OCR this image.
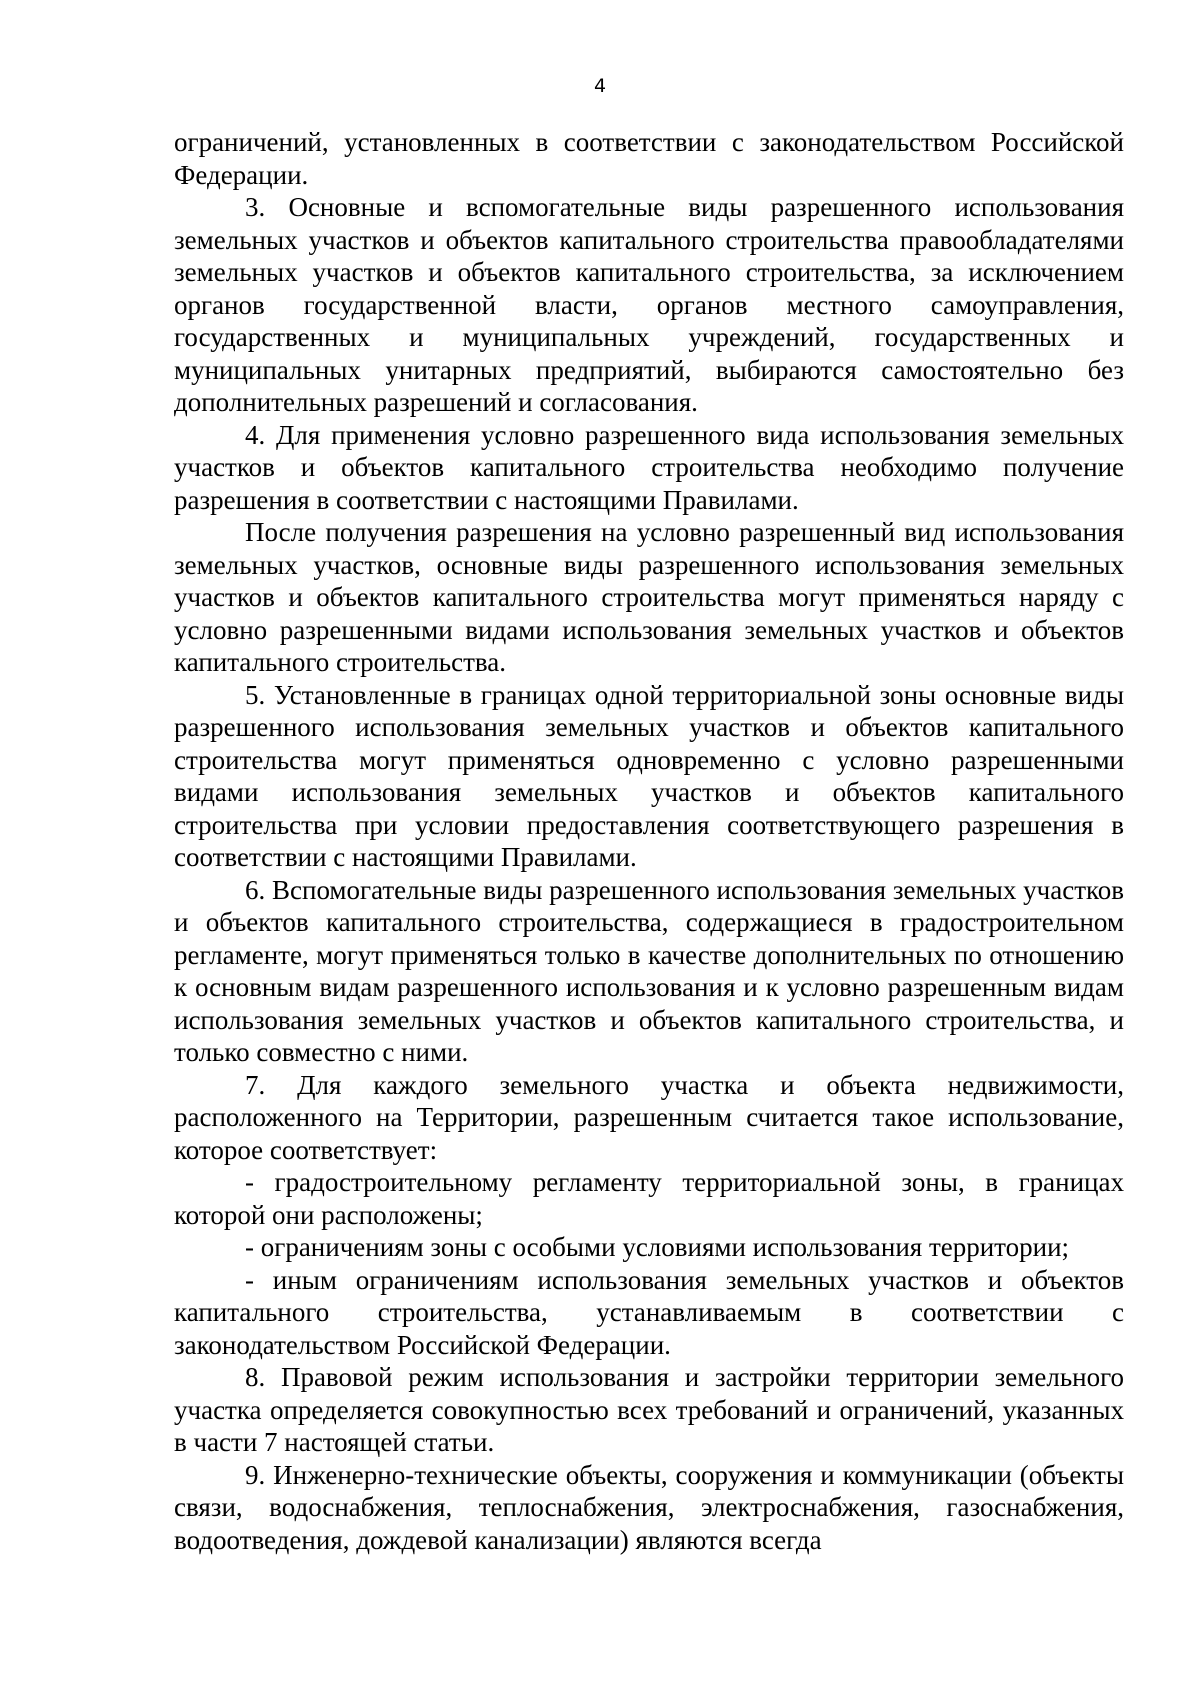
4

ограничений, установленных в соответствии с законодательством Российской Федерации.

3. Основные и вспомогательные виды разрешенного использования земельных участков и объектов капитального строительства правообладателями земельных участков и объектов капитального строительства, за исключением органов государственной власти, органов местного самоуправления, государственных и муниципальных учреждений, государственных и муниципальных унитарных предприятий, выбираются самостоятельно без дополнительных разрешений и согласования.

4. Для применения условно разрешенного вида использования земельных участков и объектов капитального строительства необходимо получение разрешения в соответствии с настоящими Правилами.

После получения разрешения на условно разрешенный вид использования земельных участков, основные виды разрешенного использования земельных участков и объектов капитального строительства могут применяться наряду с условно разрешенными видами использования земельных участков и объектов капитального строительства.

5. Установленные в границах одной территориальной зоны основные виды разрешенного использования земельных участков и объектов капитального строительства могут применяться одновременно с условно разрешенными видами использования земельных участков и объектов капитального строительства при условии предоставления соответствующего разрешения в соответствии с настоящими Правилами.

6. Вспомогательные виды разрешенного использования земельных участков и объектов капитального строительства, содержащиеся в градостроительном регламенте, могут применяться только в качестве дополнительных по отношению к основным видам разрешенного использования и к условно разрешенным видам использования земельных участков и объектов капитального строительства, и только совместно с ними.

7. Для каждого земельного участка и объекта недвижимости, расположенного на Территории, разрешенным считается такое использование, которое соответствует:

- градостроительному регламенту территориальной зоны, в границах которой они расположены;

- ограничениям зоны с особыми условиями использования территории;

- иным ограничениям использования земельных участков и объектов капитального строительства, устанавливаемым в соответствии с законодательством Российской Федерации.

8. Правовой режим использования и застройки территории земельного участка определяется совокупностью всех требований и ограничений, указанных в части 7 настоящей статьи.

9. Инженерно-технические объекты, сооружения и коммуникации (объекты связи, водоснабжения, теплоснабжения, электроснабжения, газоснабжения, водоотведения, дождевой канализации) являются всегда
